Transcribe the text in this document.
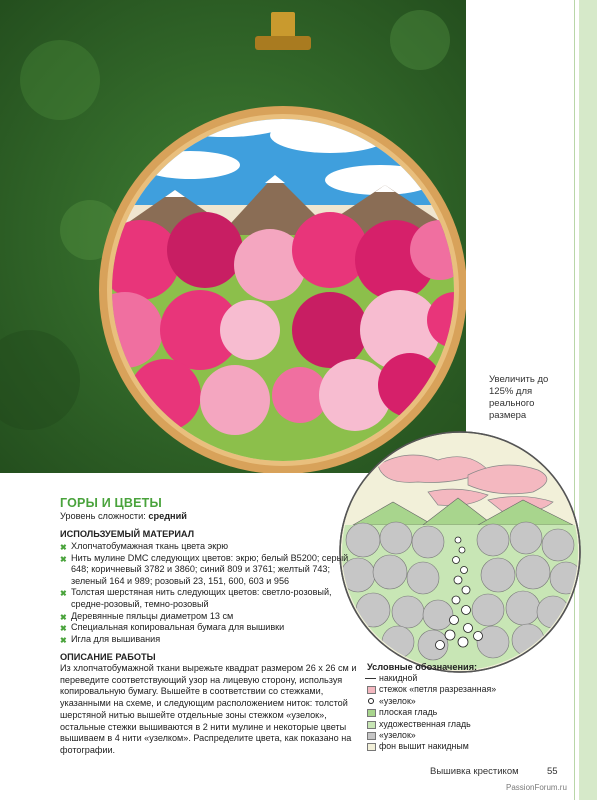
Увеличить до 125% для реального размера
ГОРЫ И ЦВЕТЫ
Уровень сложности: средний
ИСПОЛЬЗУЕМЫЙ МАТЕРИАЛ
✖ Хлопчатобумажная ткань цвета экрю
✖ Нить мулине DMC следующих цветов: экрю; белый B5200; серый 648; коричневый 3782 и 3860; синий 809 и 3761; желтый 743; зеленый 164 и 989; розовый 23, 151, 600, 603 и 956
✖ Толстая шерстяная нить следующих цветов: светло-розовый, средне-розовый, темно-розовый
✖ Деревянные пяльцы диаметром 13 см
✖ Специальная копировальная бумага для вышивки
✖ Игла для вышивания
ОПИСАНИЕ РАБОТЫ
Из хлопчатобумажной ткани вырежьте квадрат размером 26 x 26 см и переведите соответствующий узор на лицевую сторону, используя копировальную бумагу. Вышейте в соответствии со стежками, указанными на схеме, и следующим расположением ниток: толстой шерстяной нитью вышейте отдельные зоны стежком «узелок», остальные стежки вышиваются в 2 нити мулине и некоторые цветы вышиваем в 4 нити «узелком». Распределите цвета, как показано на фотографии.
Условные обозначения:
накидной
стежок «петля разрезанная»
«узелок»
плоская гладь
художественная гладь
«узелок»
фон вышит накидным
Вышивка крестиком	55
PassionForum.ru
